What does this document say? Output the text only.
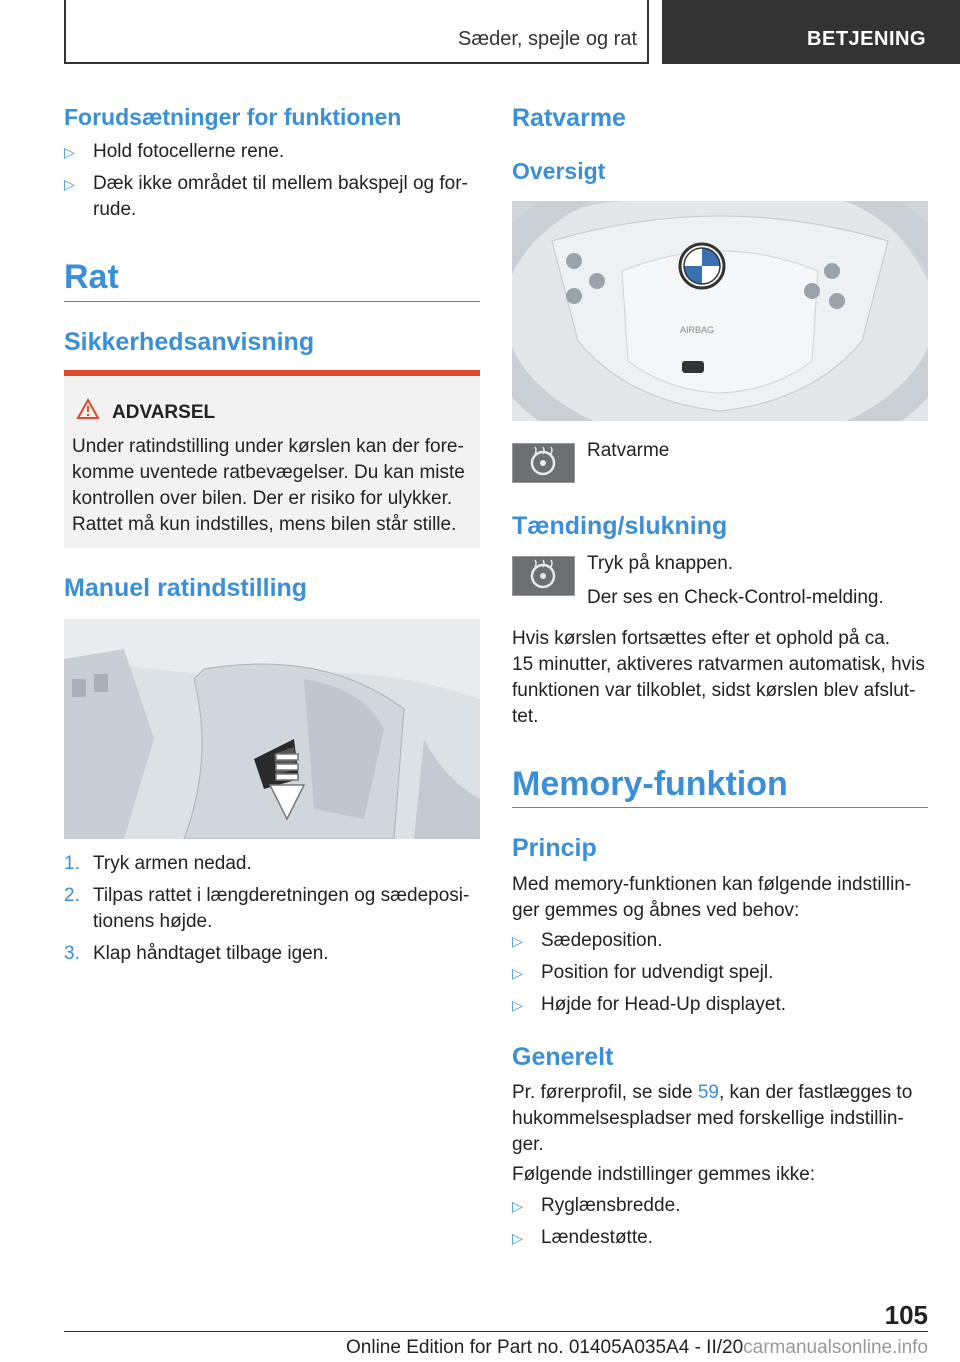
Sæder, spejle og rat	BETJENING
Forudsætninger for funktionen
▷ Hold fotocellerne rene.
▷ Dæk ikke området til mellem bakspejl og for-
rude.
Rat
Sikkerhedsanvisning
ADVARSEL
Under ratindstilling under kørslen kan der fore-
komme uventede ratbevægelser. Du kan miste
kontrollen over bilen. Der er risiko for ulykker.
Rattet må kun indstilles, mens bilen står stille.
Manuel ratindstilling
1. Tryk armen nedad.
2. Tilpas rattet i længderetningen og sædeposi-
tionens højde.
3. Klap håndtaget tilbage igen.
Ratvarme
Oversigt
AIRBAG
Ratvarme
Tænding/slukning
Tryk på knappen.
Der ses en Check-Control-melding.
Hvis kørslen fortsættes efter et ophold på ca.
15 minutter, aktiveres ratvarmen automatisk, hvis
funktionen var tilkoblet, sidst kørslen blev afslut-
tet.
Memory-funktion
Princip
Med memory-funktionen kan følgende indstillin-
ger gemmes og åbnes ved behov:
▷ Sædeposition.
▷ Position for udvendigt spejl.
▷ Højde for Head-Up displayet.
Generelt
Pr. førerprofil, se side 59, kan der fastlægges to
hukommelsespladser med forskellige indstillin-
ger.
Følgende indstillinger gemmes ikke:
▷ Ryglænsbredde.
▷ Lændestøtte.
105
Online Edition for Part no. 01405A035A4 - II/20carmanualsonline.info
